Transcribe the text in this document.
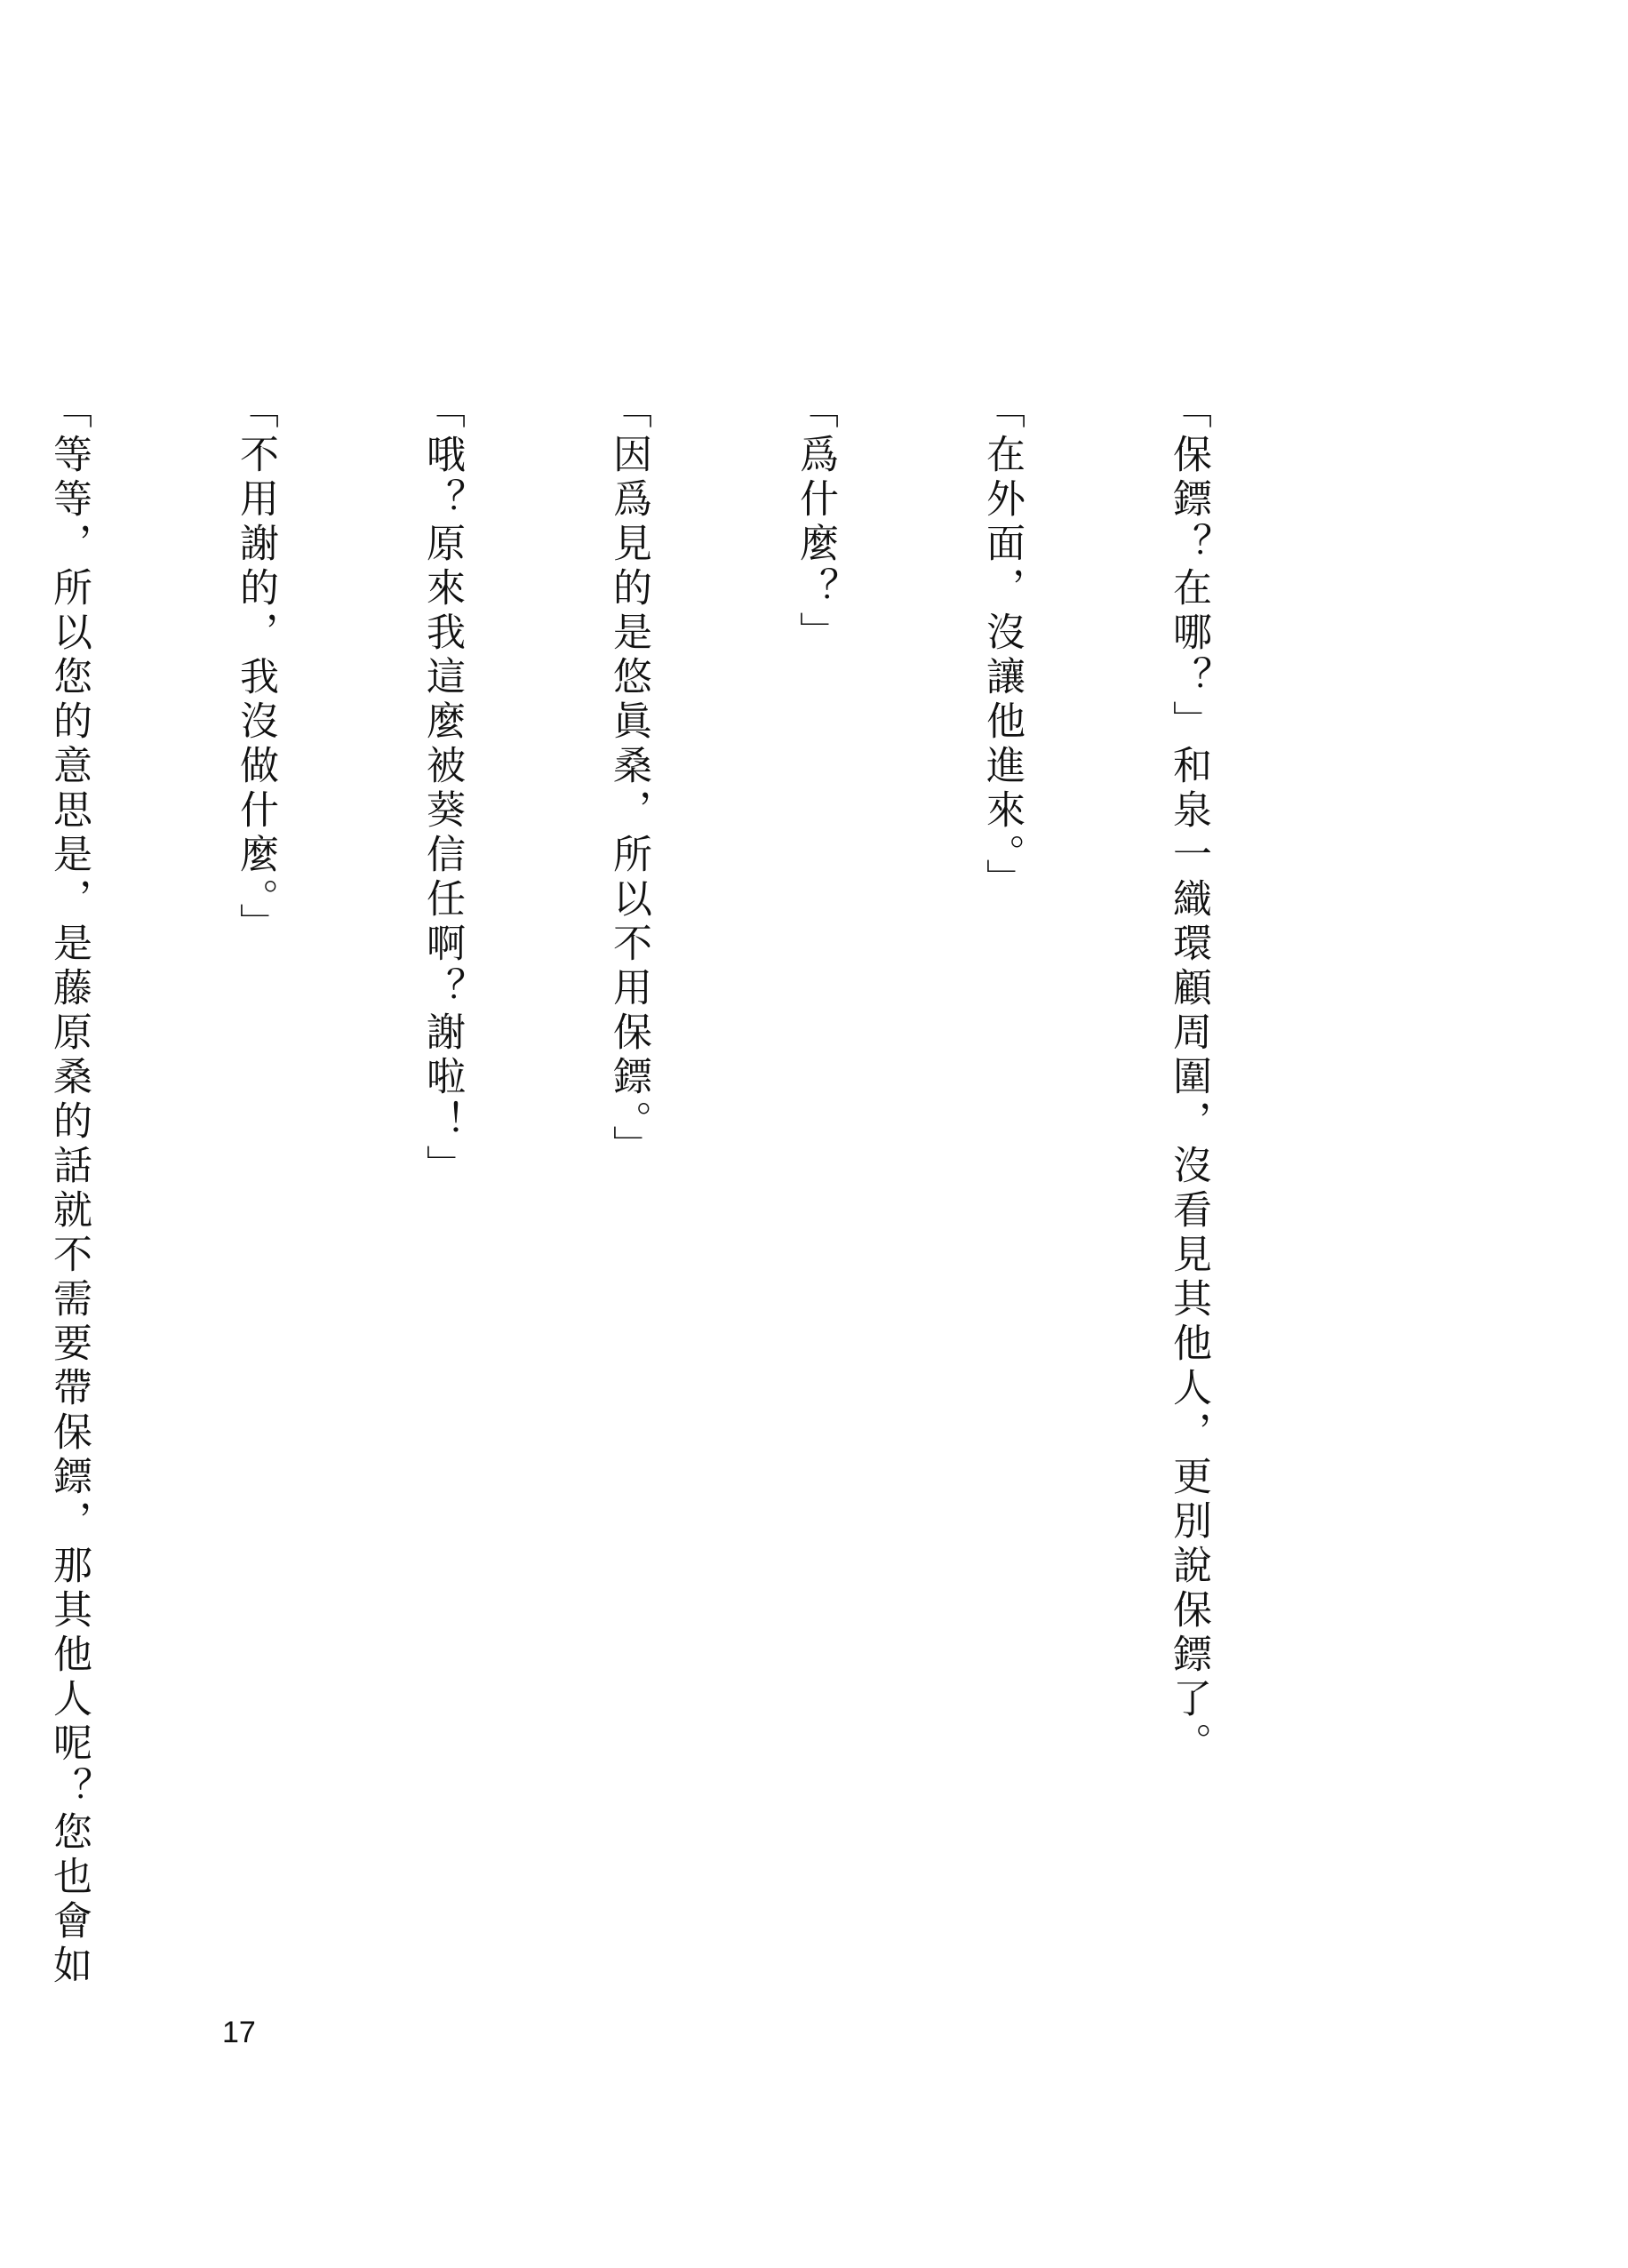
「保鏢？在哪？」和泉一織環顧周圍，沒看見其他人，更別說保鏢了。

「在外面，沒讓他進來。」

「爲什麼？」

「因爲見的是悠眞桑，所以不用保鏢。」

「哦？原來我這麼被葵信任啊？謝啦！」

「不用謝的，我沒做什麼。」

「等等，所以您的意思是，是藤原桑的話就不需要帶保鏢，那其他人呢？您也會如

17
